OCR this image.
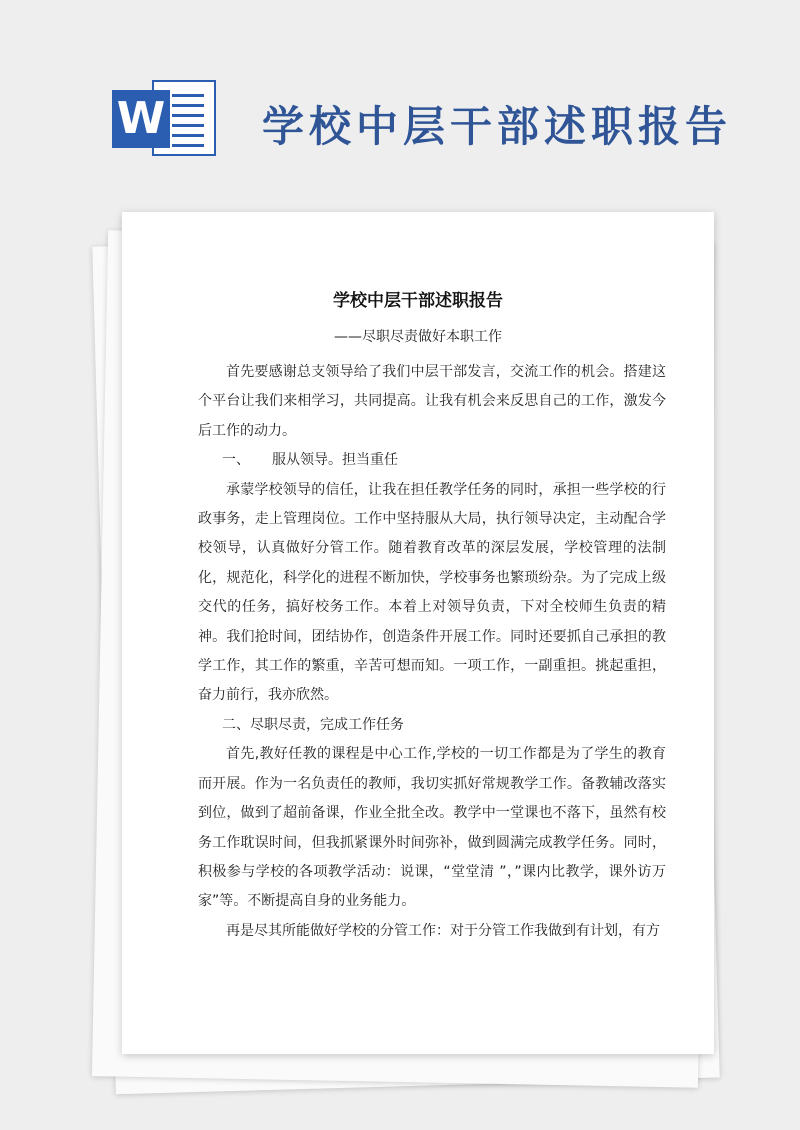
W 学校中层干部述职报告
学校中层干部述职报告
——尽职尽责做好本职工作

首先要感谢总支领导给了我们中层干部发言，交流工作的机会。搭建这个平台让我们来相学习，共同提高。让我有机会来反思自己的工作，激发今后工作的动力。

一、 服从领导。担当重任

承蒙学校领导的信任，让我在担任教学任务的同时，承担一些学校的行政事务，走上管理岗位。工作中坚持服从大局，执行领导决定，主动配合学校领导，认真做好分管工作。随着教育改革的深层发展，学校管理的法制化，规范化，科学化的进程不断加快，学校事务也繁琐纷杂。为了完成上级交代的任务，搞好校务工作。本着上对领导负责，下对全校师生负责的精神。我们抢时间，团结协作，创造条件开展工作。同时还要抓自己承担的教学工作，其工作的繁重，辛苦可想而知。一项工作，一副重担。挑起重担，奋力前行，我亦欣然。

二、尽职尽责，完成工作任务

首先,教好任教的课程是中心工作,学校的一切工作都是为了学生的教育而开展。作为一名负责任的教师，我切实抓好常规教学工作。备教辅改落实到位，做到了超前备课，作业全批全改。教学中一堂课也不落下，虽然有校务工作耽误时间，但我抓紧课外时间弥补，做到圆满完成教学任务。同时，积极参与学校的各项教学活动：说课，“堂堂清 ”，”课内比教学，课外访万家”等。不断提高自身的业务能力。

再是尽其所能做好学校的分管工作：对于分管工作我做到有计划，有方
